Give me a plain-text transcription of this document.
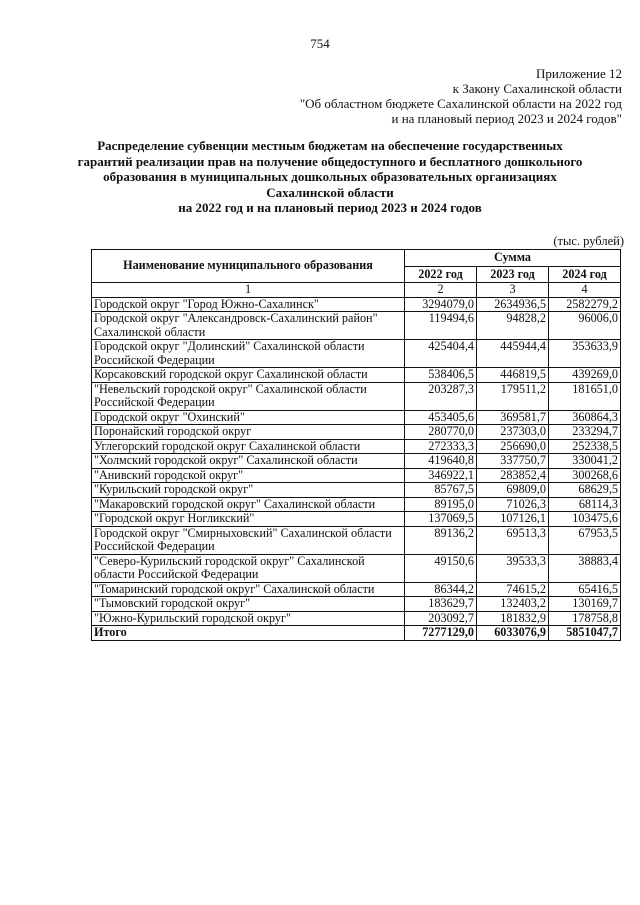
754
Приложение 12
к Закону Сахалинской области
"Об областном бюджете Сахалинской области на 2022 год
и на плановый период 2023 и 2024 годов"
Распределение субвенции местным бюджетам на обеспечение государственных
гарантий реализации прав на получение общедоступного и бесплатного дошкольного
образования в муниципальных дошкольных образовательных организациях
Сахалинской области
на 2022 год и на плановый период 2023 и 2024 годов
(тыс. рублей)
Наименование муниципального образования	Сумма		
	2022 год	2023 год	2024 год
1	2	3	4
Городской округ "Город Южно-Сахалинск"	3294079,0	2634936,5	2582279,2
Городской округ "Александровск-Сахалинский район" Сахалинской области	119494,6	94828,2	96006,0
Городской округ "Долинский" Сахалинской области Российской Федерации	425404,4	445944,4	353633,9
Корсаковский городской округ Сахалинской области	538406,5	446819,5	439269,0
"Невельский городской округ" Сахалинской области Российской Федерации	203287,3	179511,2	181651,0
Городской округ "Охинский"	453405,6	369581,7	360864,3
Поронайский городской округ	280770,0	237303,0	233294,7
Углегорский городской округ Сахалинской области	272333,3	256690,0	252338,5
"Холмский городской округ" Сахалинской области	419640,8	337750,7	330041,2
"Анивский городской округ"	346922,1	283852,4	300268,6
"Курильский городской округ"	85767,5	69809,0	68629,5
"Макаровский городской округ" Сахалинской области	89195,0	71026,3	68114,3
"Городской округ Ногликский"	137069,5	107126,1	103475,6
Городской округ "Смирныховский" Сахалинской области Российской Федерации	89136,2	69513,3	67953,5
"Северо-Курильский городской округ" Сахалинской области Российской Федерации	49150,6	39533,3	38883,4
"Томаринский городской округ" Сахалинской области	86344,2	74615,2	65416,5
"Тымовский городской округ"	183629,7	132403,2	130169,7
"Южно-Курильский городской округ"	203092,7	181832,9	178758,8
Итого	7277129,0	6033076,9	5851047,7
